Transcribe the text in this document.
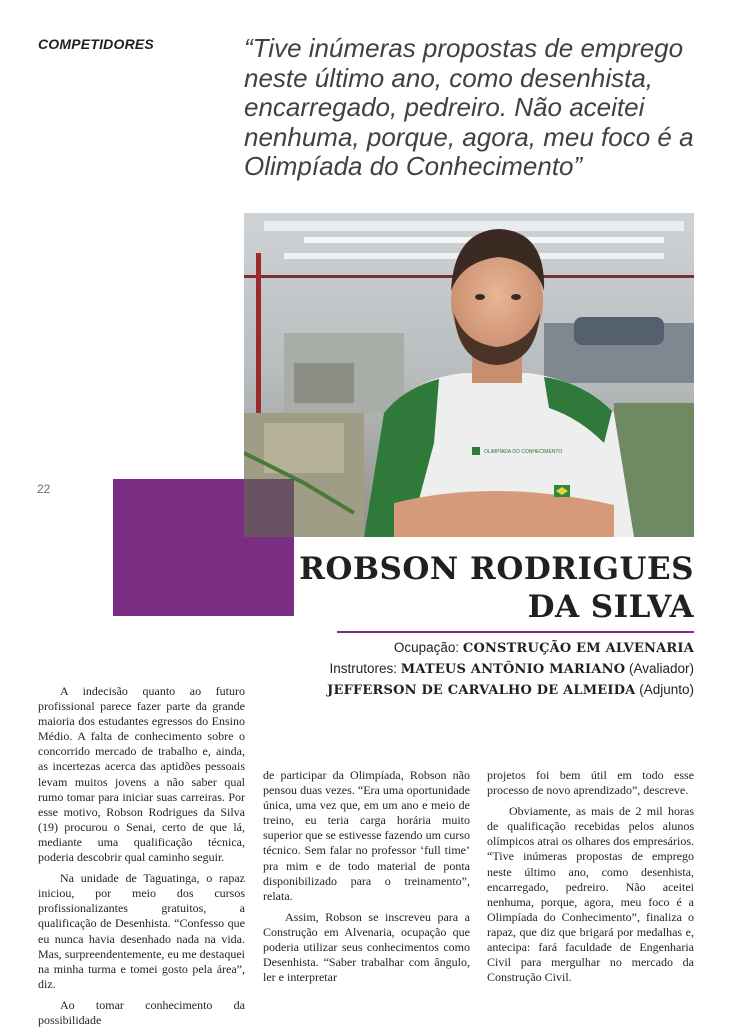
COMPETIDORES	“Tive inúmeras propostas de emprego neste último ano, como desenhista, encarregado, pedreiro. Não aceitei nenhuma, porque, agora, meu foco é a Olimpíada do Conhecimento”

22
OLIMPÍADA DO CONHECIMENTO
ROBSON RODRIGUES
DA SILVA
Ocupação: CONSTRUÇÃO EM ALVENARIA
Instrutores: MATEUS ANTÔNIO MARIANO (Avaliador)
JEFFERSON DE CARVALHO DE ALMEIDA (Adjunto)

A indecisão quanto ao futuro profissional parece fazer parte da grande maioria dos estudantes egressos do Ensino Médio. A falta de conhecimento sobre o concorrido mercado de trabalho e, ainda, as incertezas acerca das aptidões pessoais levam muitos jovens a não saber qual rumo tomar para iniciar suas carreiras. Por esse motivo, Robson Rodrigues da Silva (19) procurou o Senai, certo de que lá, mediante uma qualificação técnica, poderia descobrir qual caminho seguir.

Na unidade de Taguatinga, o rapaz iniciou, por meio dos cursos profissionalizantes gratuitos, a qualificação de Desenhista. “Confesso que eu nunca havia desenhado nada na vida. Mas, surpreendentemente, eu me destaquei na minha turma e tomei gosto pela área”, diz.

Ao tomar conhecimento da possibilidade

de participar da Olimpíada, Robson não pensou duas vezes. “Era uma oportunidade única, uma vez que, em um ano e meio de treino, eu teria carga horária muito superior que se estivesse fazendo um curso técnico. Sem falar no professor ‘full time’ pra mim e de todo material de ponta disponibilizado para o treinamento”, relata.

Assim, Robson se inscreveu para a Construção em Alvenaria, ocupação que poderia utilizar seus conhecimentos como Desenhista. “Saber trabalhar com ângulo, ler e interpretar

projetos foi bem útil em todo esse processo de novo aprendizado”, descreve.

Obviamente, as mais de 2 mil horas de qualificação recebidas pelos alunos olímpicos atrai os olhares dos empresários. “Tive inúmeras propostas de emprego neste último ano, como desenhista, encarregado, pedreiro. Não aceitei nenhuma, porque, agora, meu foco é a Olimpíada do Conhecimento”, finaliza o rapaz, que diz que brigará por medalhas e, antecipa: fará faculdade de Engenharia Civil para mergulhar no mercado da Construção Civil.
